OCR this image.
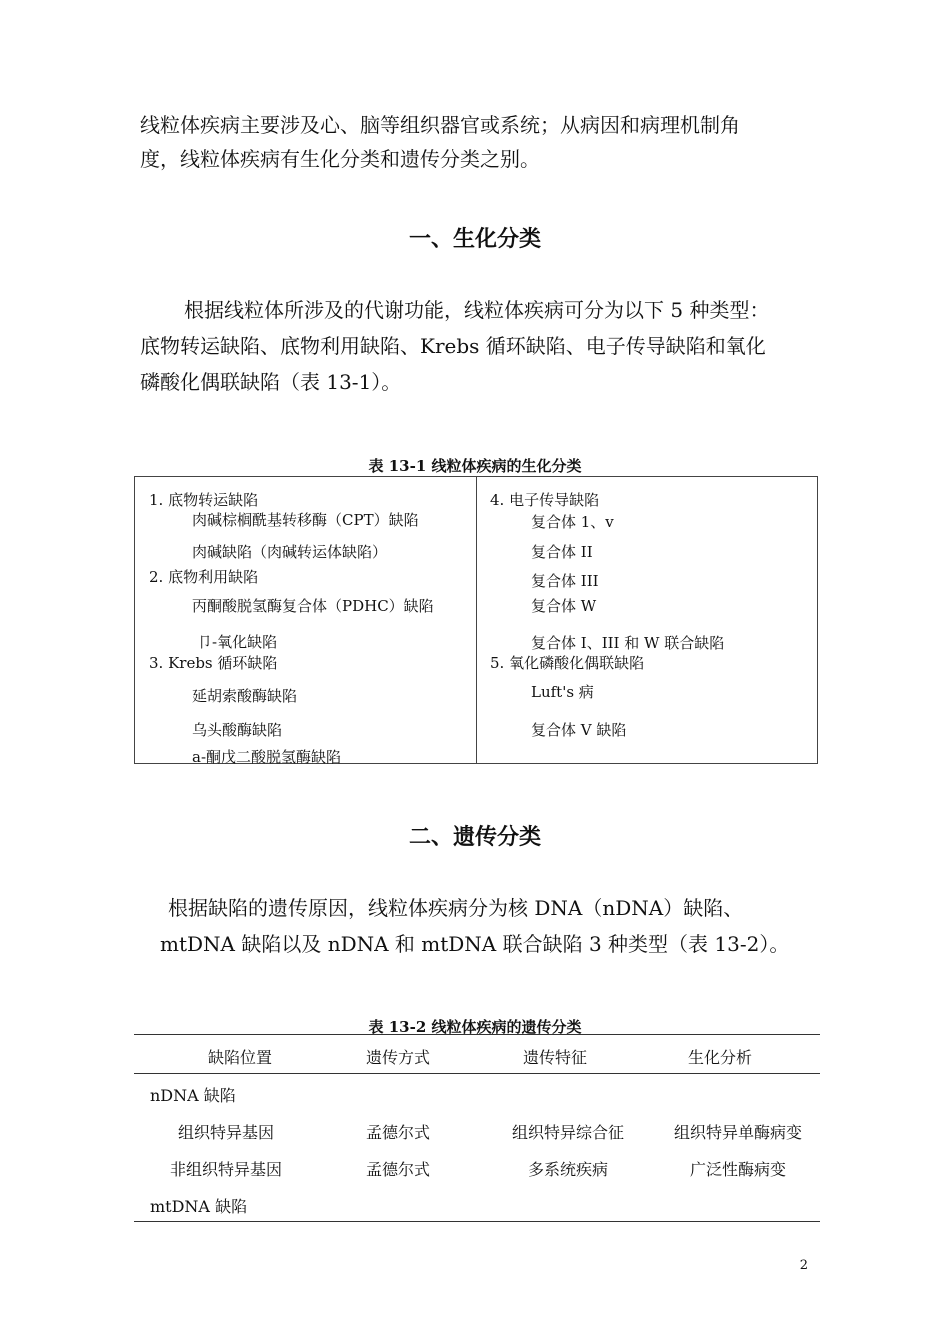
线粒体疾病主要涉及心、脑等组织器官或系统；从病因和病理机制角
度，线粒体疾病有生化分类和遗传分类之别。
一、生化分类
根据线粒体所涉及的代谢功能，线粒体疾病可分为以下 5 种类型：
底物转运缺陷、底物利用缺陷、Krebs 循环缺陷、电子传导缺陷和氧化
磷酸化偶联缺陷（表 13-1）。
表 13-1 线粒体疾病的生化分类
1. 底物转运缺陷
肉碱棕榈酰基转移酶（CPT）缺陷
肉碱缺陷（肉碱转运体缺陷）
2. 底物利用缺陷
丙酮酸脱氢酶复合体（PDHC）缺陷
卩-氧化缺陷
3. Krebs 循环缺陷
延胡索酸酶缺陷
乌头酸酶缺陷
a-酮戊二酸脱氢酶缺陷
4. 电子传导缺陷
复合体 1、v
复合体 II
复合体 III
复合体 W
复合体 I、III 和 W 联合缺陷
5. 氧化磷酸化偶联缺陷
Luft's 病
复合体 V 缺陷
二、遗传分类
根据缺陷的遗传原因，线粒体疾病分为核 DNA（nDNA）缺陷、
mtDNA 缺陷以及 nDNA 和 mtDNA 联合缺陷 3 种类型（表 13-2）。
表 13-2 线粒体疾病的遗传分类
缺陷位置	遗传方式	遗传特征	生化分析
nDNA 缺陷
组织特异基因	孟德尔式	组织特异综合征	组织特异单酶病变
非组织特异基因	孟德尔式	多系统疾病	广泛性酶病变
mtDNA 缺陷
2
